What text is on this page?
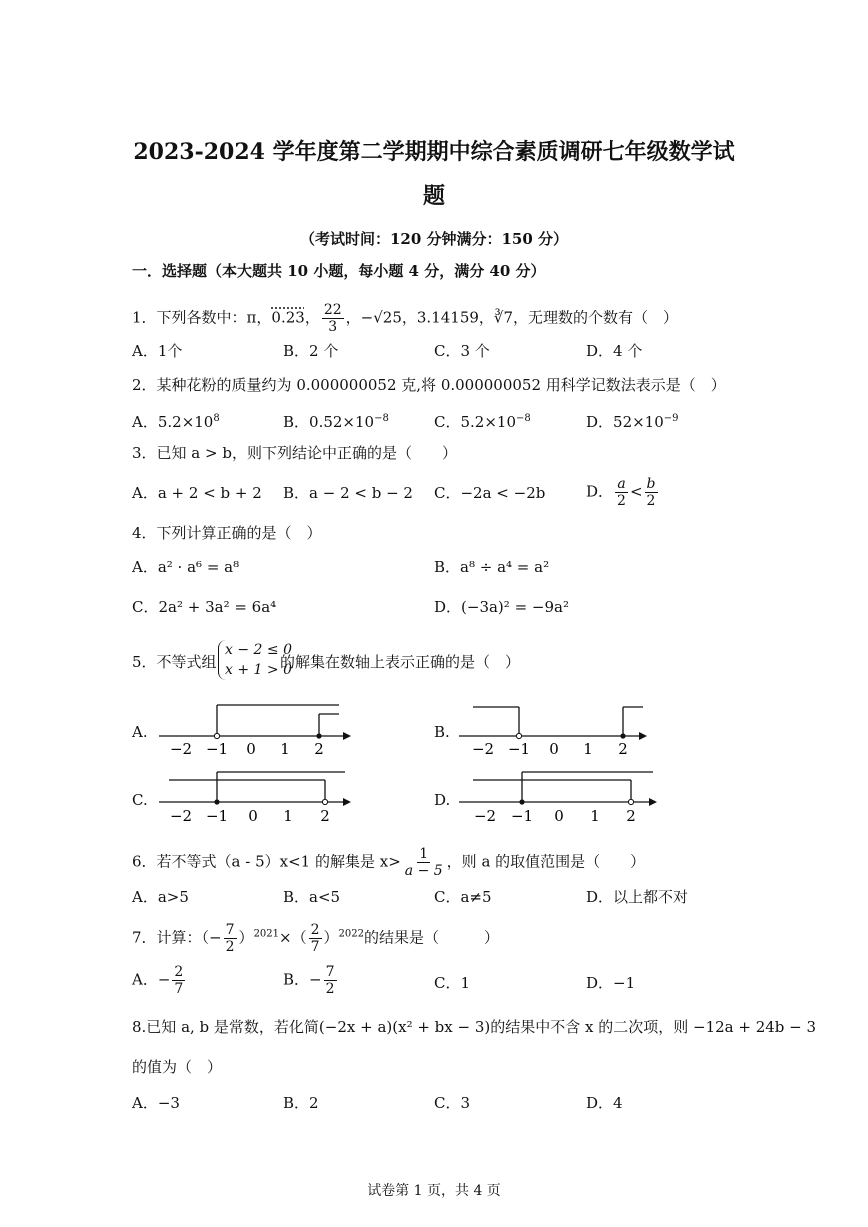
2023-2024 学年度第二学期期中综合素质调研七年级数学试
题
（考试时间：120 分钟满分：150 分）
一．选择题（本大题共 10 小题，每小题 4 分，满分 40 分）
1．下列各数中：π，0.23， $\frac{22}{3}$ ，−√25，3.14159，∛7，无理数的个数有（　）
A．1个	B．2 个	C．3 个	D．4 个
2．某种花粉的质量约为 0.000000052 克,将 0.000000052 用科学记数法表示是（　）
A．$5.2\times 10^8$	B．$0.52\times 10^{-8}$	C．$5.2\times 10^{-8}$	D．$52\times 10^{-9}$
3．已知 a > b，则下列结论中正确的是（　　）
A．a + 2 < b + 2 B．a − 2 < b − 2 C．−2a < −2b	D． $\frac{a}{2} < \frac{b}{2}$
4．下列计算正确的是（　）
A．a² · a⁶ = a⁸	B．a⁸ ÷ a⁴ = a²
C．2a² + 3a² = 6a⁴	D．(−3a)² = −9a²
5．不等式组
x − 2 ≤ 0
x + 1 > 0
的解集在数轴上表示正确的是（　）
A.	B.
C.	D.
−2 −1 0 1 2	−2 −1 0 1 2
−2 −1 0 1 2	−2 −1 0 1 2
6．若不等式（a - 5）x<1 的解集是 $x> \frac{1}{a - 5}$ ，则 a 的取值范围是（　　）
A．a>5	B．a<5	C．a≠5	D．以上都不对
7．计算：（− $\frac{7}{2} )^{2021}\times( \frac{2}{7} )^{2022}$的结果是（　　　）
A．− $\frac{2}{7}$	B．− $\frac{7}{2}$	C．1	D．−1
8.已知 a, b 是常数，若化简(−2x + a)(x² + bx − 3)的结果中不含 x 的二次项，则 −12a + 24b − 3
的值为（　）
A．−3	B．2	C．3	D．4
试卷第 1 页，共 4 页
